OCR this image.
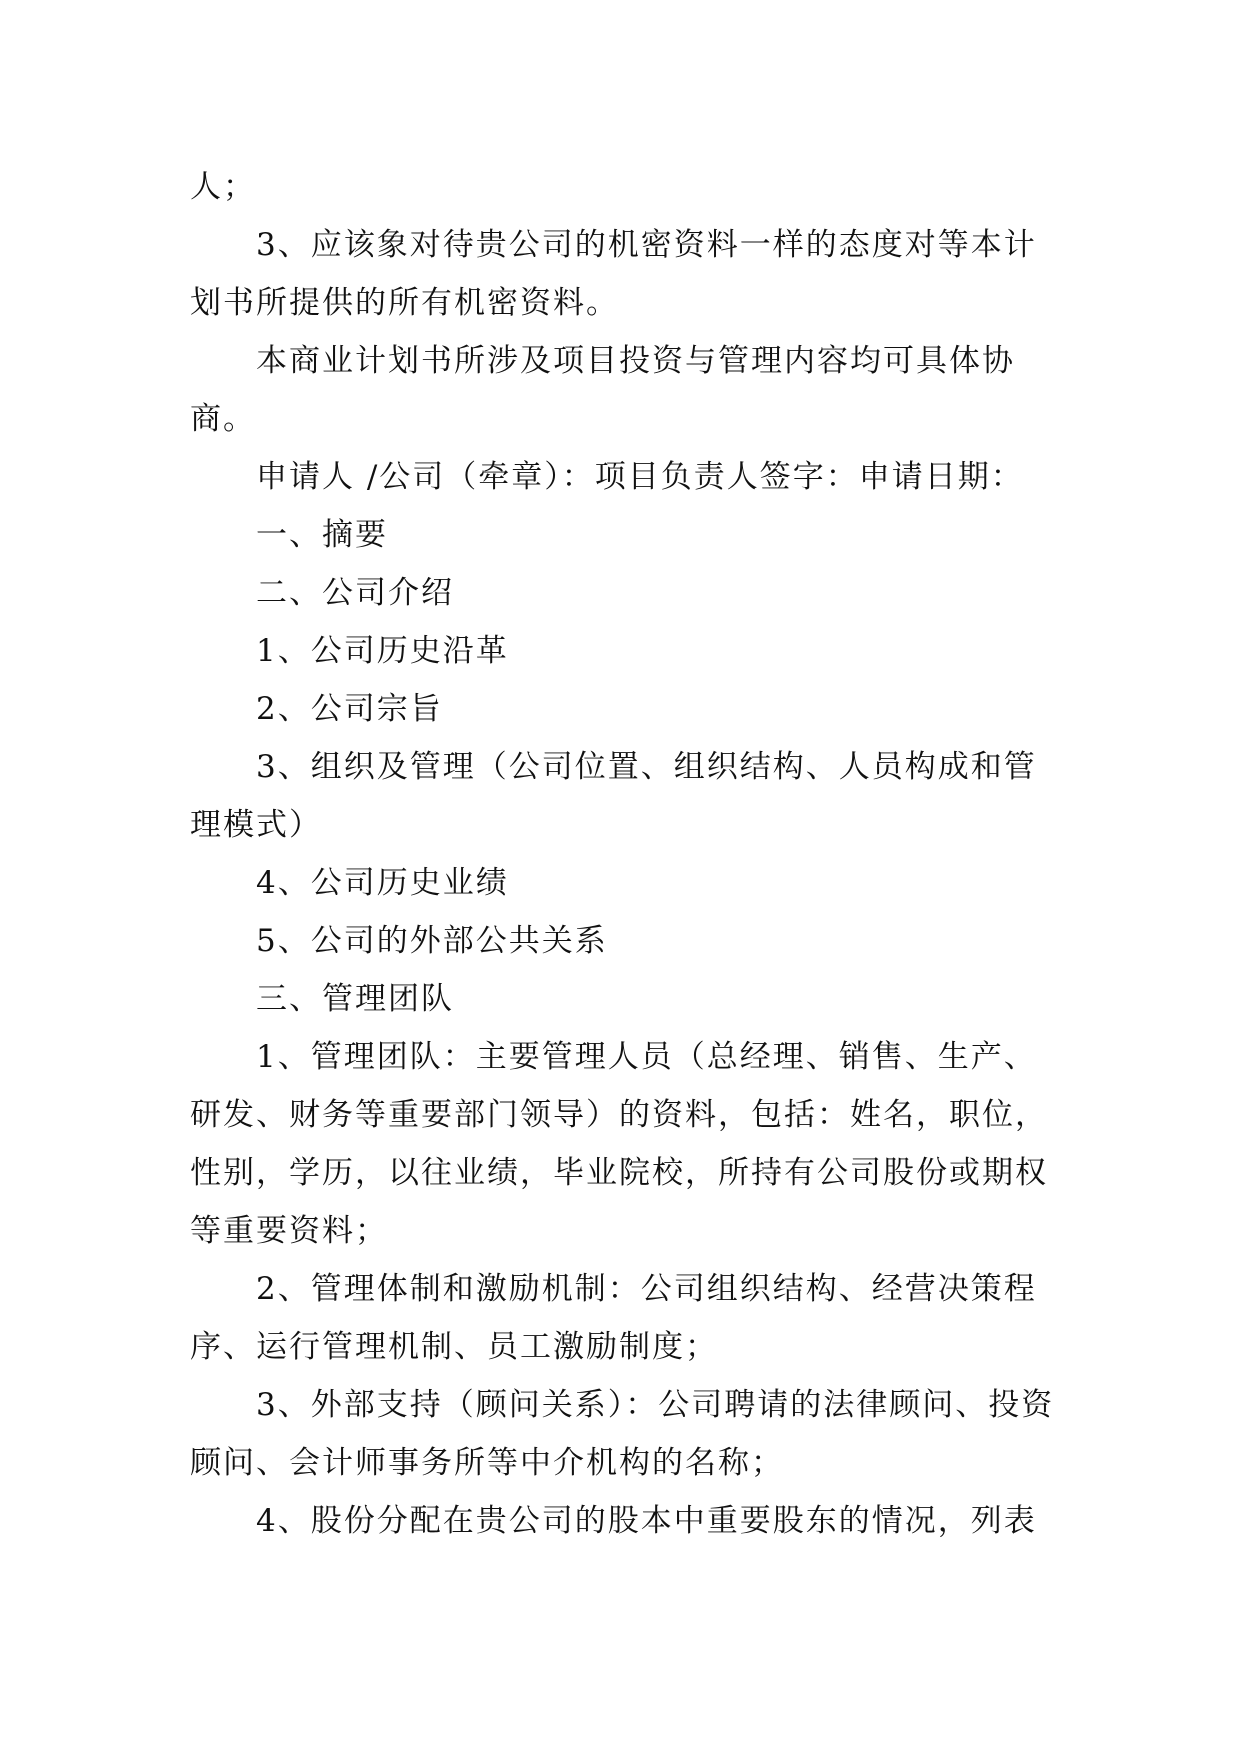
人；

3、应该象对待贵公司的机密资料一样的态度对等本计

划书所提供的所有机密资料。

本商业计划书所涉及项目投资与管理内容均可具体协

商。

申请人 /公司（牵章）：项目负责人签字：申请日期：

一、摘要

二、公司介绍

1、公司历史沿革

2、公司宗旨

3、组织及管理（公司位置、组织结构、人员构成和管

理模式）

4、公司历史业绩

5、公司的外部公共关系

三、管理团队

1、管理团队：主要管理人员（总经理、销售、生产、

研发、财务等重要部门领导）的资料，包括：姓名，职位，

性别，学历，以往业绩，毕业院校，所持有公司股份或期权

等重要资料；

2、管理体制和激励机制：公司组织结构、经营决策程

序、运行管理机制、员工激励制度；

3、外部支持（顾问关系）：公司聘请的法律顾问、投资

顾问、会计师事务所等中介机构的名称；

4、股份分配在贵公司的股本中重要股东的情况，列表
